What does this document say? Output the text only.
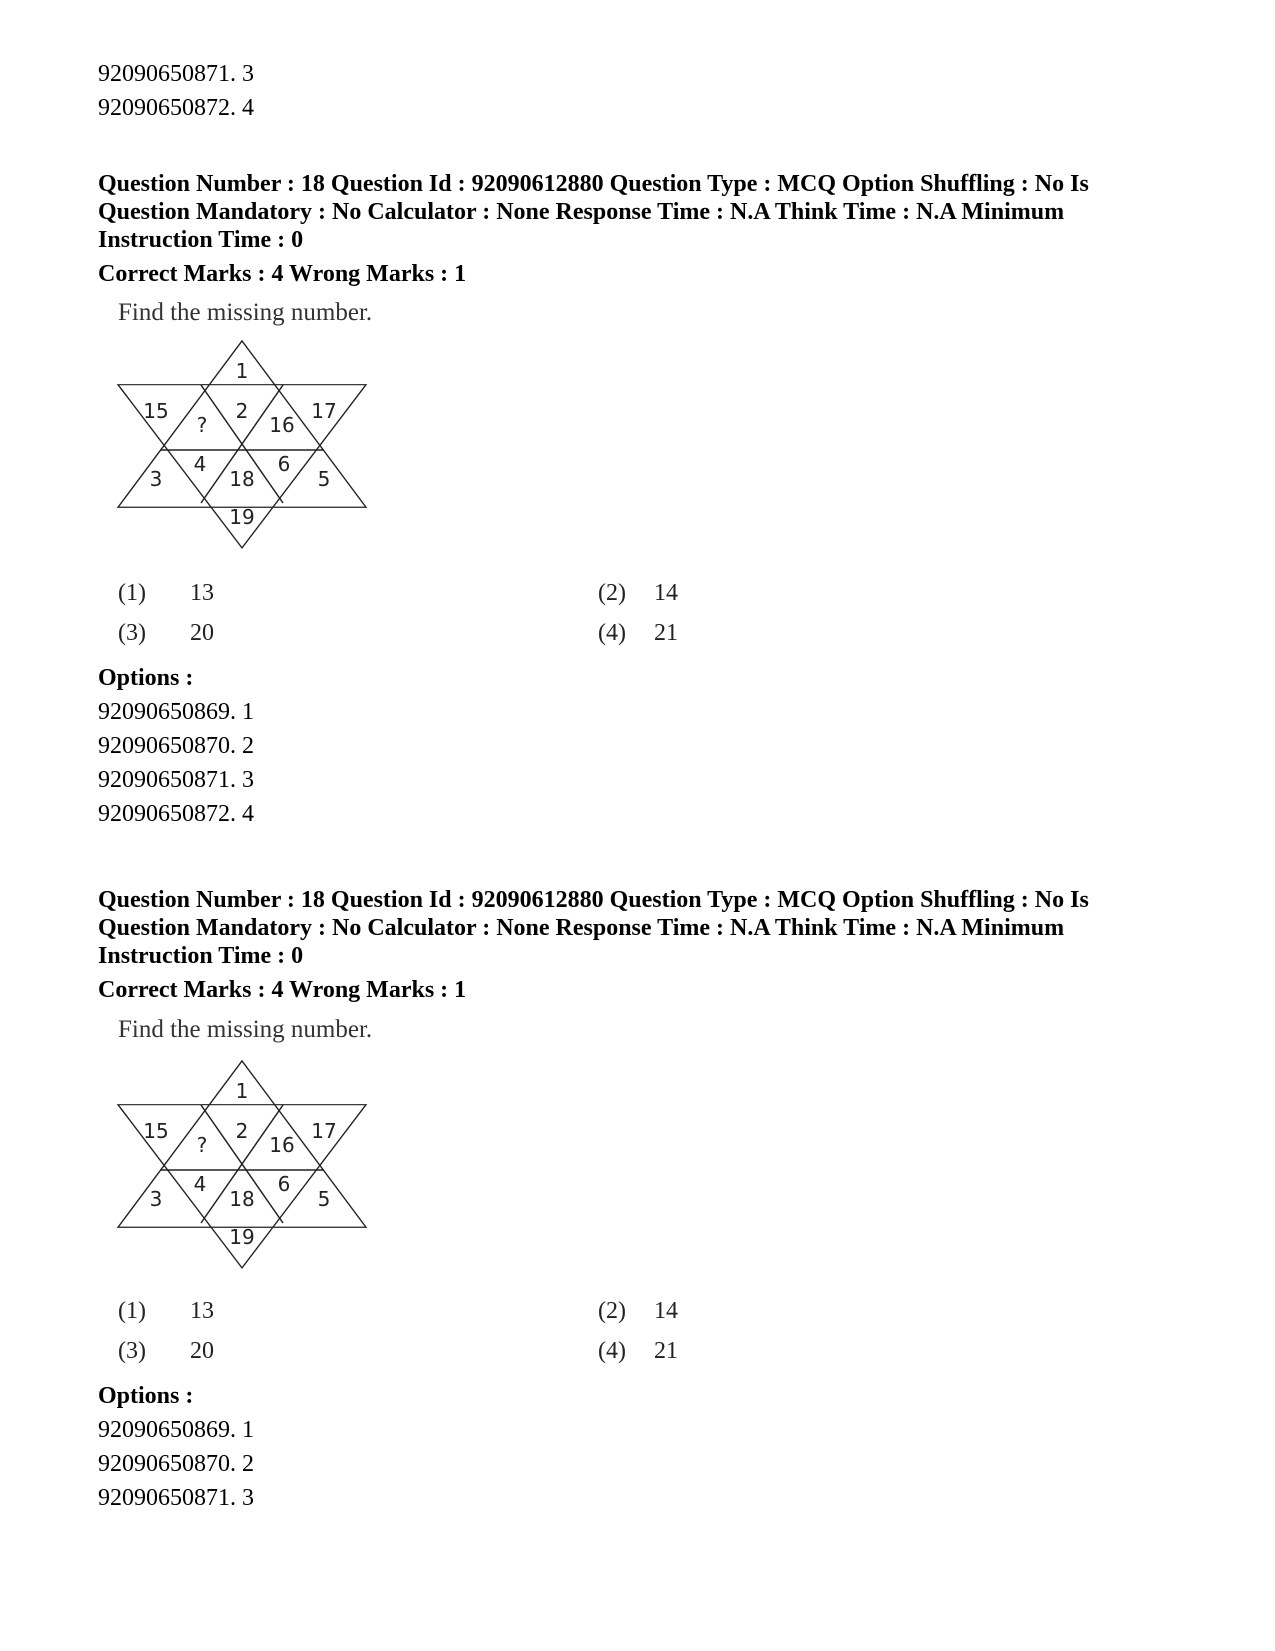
92090650871. 3
92090650872. 4
Question Number : 18 Question Id : 92090612880 Question Type : MCQ Option Shuffling : No Is
Question Mandatory : No Calculator : None Response Time : N.A Think Time : N.A Minimum
Instruction Time : 0
Correct Marks : 4 Wrong Marks : 1
Find the missing number.
1
15
?
2
16
17
3
4
18
6
5
19
(1) 13	(2) 14
(3) 20	(4) 21
Options :
92090650869. 1
92090650870. 2
92090650871. 3
92090650872. 4
Question Number : 18 Question Id : 92090612880 Question Type : MCQ Option Shuffling : No Is
Question Mandatory : No Calculator : None Response Time : N.A Think Time : N.A Minimum
Instruction Time : 0
Correct Marks : 4 Wrong Marks : 1
Find the missing number.
1
15
?
2
16
17
3
4
18
6
5
19
(1) 13	(2) 14
(3) 20	(4) 21
Options :
92090650869. 1
92090650870. 2
92090650871. 3
